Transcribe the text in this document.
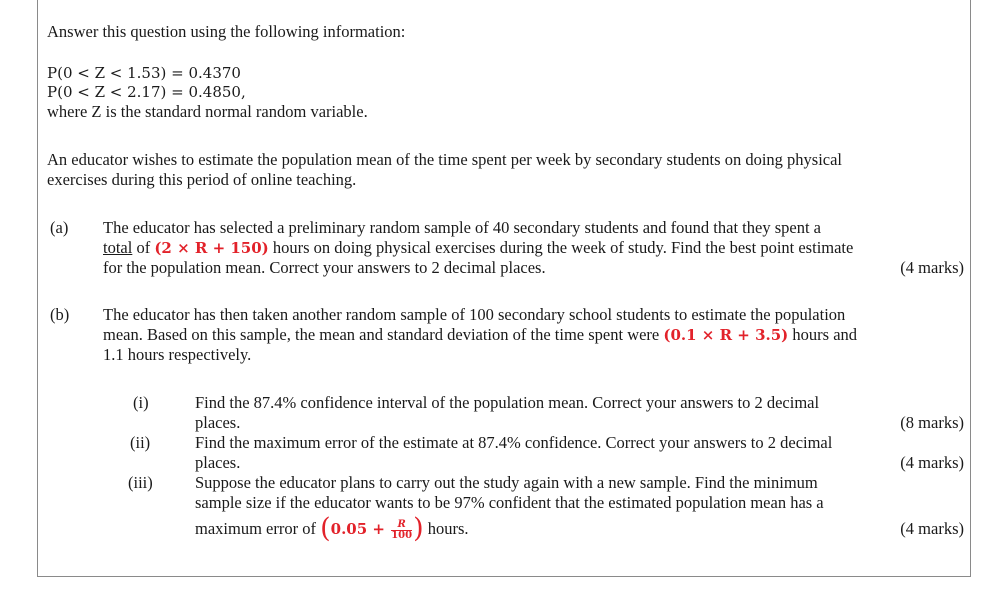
Answer this question using the following information:
P(0 < Z < 1.53) = 0.4370
P(0 < Z < 2.17) = 0.4850,
where Z is the standard normal random variable.
An educator wishes to estimate the population mean of the time spent per week by secondary students on doing physical
exercises during this period of online teaching.
(a) The educator has selected a preliminary random sample of 40 secondary students and found that they spent a
total of (2 × R + 150) hours on doing physical exercises during the week of study. Find the best point estimate
for the population mean. Correct your answers to 2 decimal places.	(4 marks)
(b) The educator has then taken another random sample of 100 secondary school students to estimate the population
mean. Based on this sample, the mean and standard deviation of the time spent were (0.1 × R + 3.5) hours and
1.1 hours respectively.
(i)	Find the 87.4% confidence interval of the population mean. Correct your answers to 2 decimal
places.	(8 marks)
(ii)	Find the maximum error of the estimate at 87.4% confidence. Correct your answers to 2 decimal
places.	(4 marks)
(iii)	Suppose the educator plans to carry out the study again with a new sample. Find the minimum
sample size if the educator wants to be 97% confident that the estimated population mean has a
maximum error of ($0.05 + \frac{R}{100}$ ) hours.	(4 marks)
